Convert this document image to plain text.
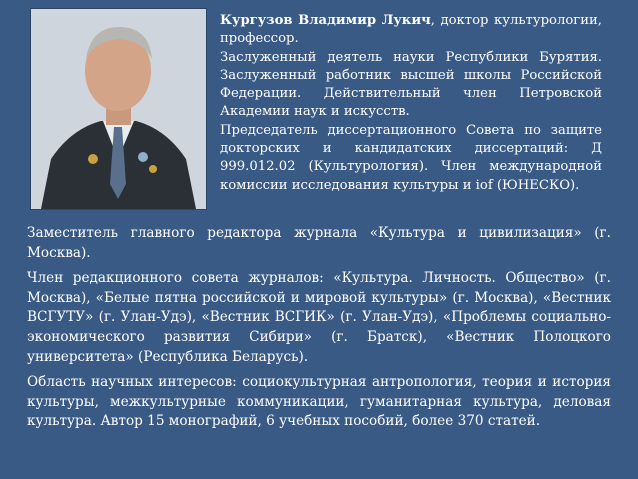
Кургузов Владимир Лукич, доктор культурологии, профессор.

Заслуженный деятель науки Республики Бурятия. Заслуженный работник высшей школы Российской Федерации. Действительный член Петровской Академии наук и искусств.

Председатель диссертационного Совета по защите докторских и кандидатских диссертаций: Д 999.012.02 (Культурология). Член международной комиссии исследования культуры и iof (ЮНЕСКО).

Заместитель главного редактора журнала «Культура и цивилизация» (г. Москва).

Член редакционного совета журналов: «Культура. Личность. Общество» (г. Москва), «Белые пятна российской и мировой культуры» (г. Москва), «Вестник ВСГУТУ» (г. Улан-Удэ), «Вестник ВСГИК» (г. Улан-Удэ), «Проблемы социально-экономического развития Сибири» (г. Братск), «Вестник Полоцкого университета» (Республика Беларусь).

Область научных интересов: социокультурная антропология, теория и история культуры, межкультурные коммуникации, гуманитарная культура, деловая культура. Автор 15 монографий, 6 учебных пособий, более 370 статей.
